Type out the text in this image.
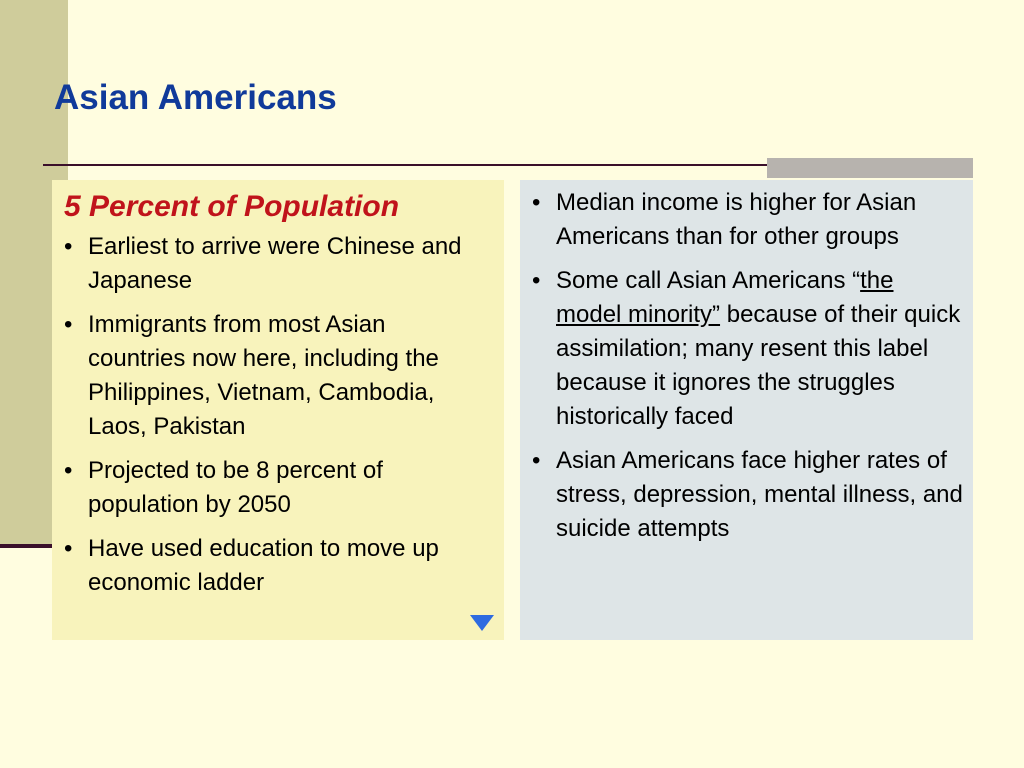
Asian Americans
5 Percent of Population
• Earliest to arrive were Chinese and Japanese
• Immigrants from most Asian countries now here, including the Philippines, Vietnam, Cambodia, Laos, Pakistan
• Projected to be 8 percent of population by 2050
• Have used education to move up economic ladder
• Median income is higher for Asian Americans than for other groups
• Some call Asian Americans “the model minority” because of their quick assimilation; many resent this label because it ignores the struggles historically faced
• Asian Americans face higher rates of stress, depression, mental illness, and suicide attempts
